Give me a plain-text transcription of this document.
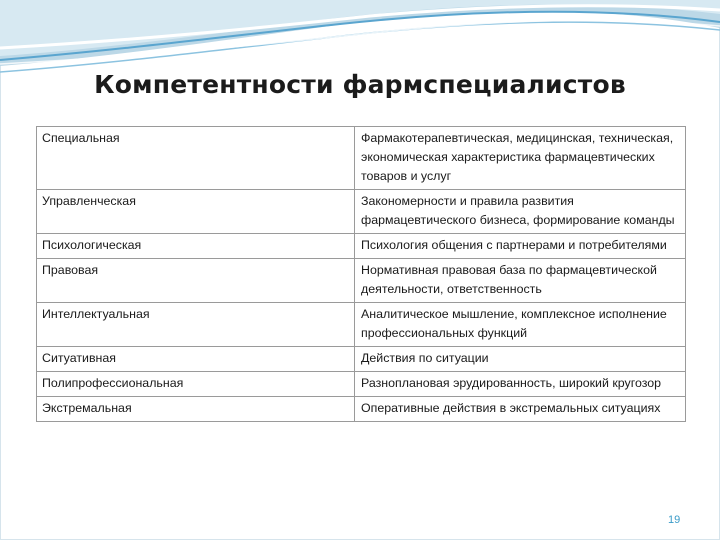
Компетентности фармспециалистов
Специальная	Фармакотерапевтическая, медицинская, техническая, экономическая характеристика фармацевтических товаров и услуг
Управленческая	Закономерности и правила развития фармацевтического бизнеса, формирование команды
Психологическая	Психология общения с партнерами и потребителями
Правовая	Нормативная правовая база по фармацевтической деятельности, ответственность
Интеллектуальная	Аналитическое мышление, комплексное исполнение профессиональных функций
Ситуативная	Действия по ситуации
Полипрофессиональная	Разноплановая эрудированность, широкий кругозор
Экстремальная	Оперативные действия в экстремальных ситуациях
19
